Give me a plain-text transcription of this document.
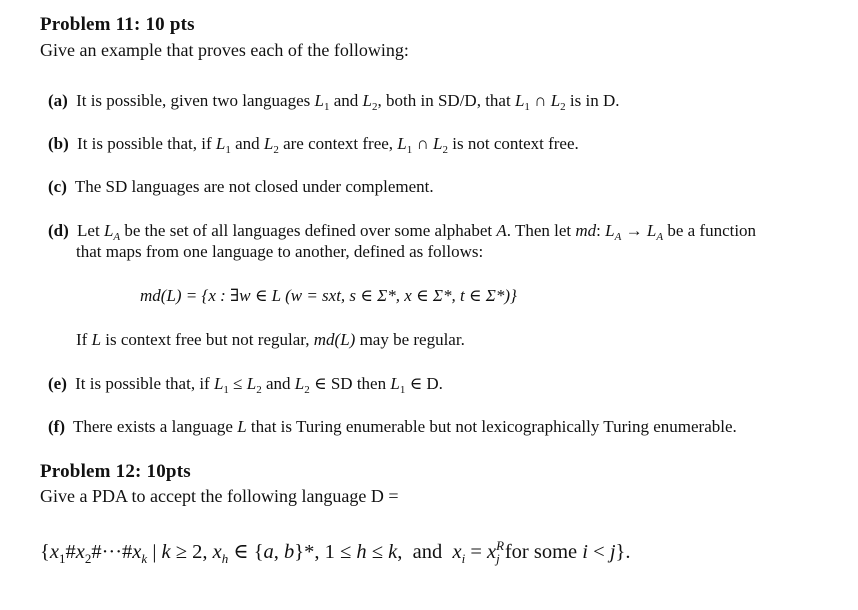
Problem 11: 10 pts
Give an example that proves each of the following:
(a) It is possible, given two languages $L_1$ and $L_2$, both in SD/D, that $L_1$ ∩ $L_2$ is in D.
(b) It is possible that, if $L_1$ and $L_2$ are context free, $L_1$ ∩ $L_2$ is not context free.
(c) The SD languages are not closed under complement.
(d) Let $L_A$ be the set of all languages defined over some alphabet A. Then let md: $L_A \to L_A$ be a function
that maps from one language to another, defined as follows:
md(L) = {x : ∃w ∈ L (w = sxt, s ∈ Σ*, x ∈ Σ*, t ∈ Σ*)}
If L is context free but not regular, md(L) may be regular.
(e) It is possible that, if $L_1 \le L_2$ and $L_2$ ∈ SD then $L_1$ ∈ D.
(f) There exists a language L that is Turing enumerable but not lexicographically Turing enumerable.
Problem 12: 10pts
Give a PDA to accept the following language D =
{$x_1\#x_2\#\cdot\cdot\cdot\#x_k$ | k ≥ 2, $x_h$ ∈ {a, b}*, 1 ≤ h ≤ k, and $x_i = x^R_j$ for some i < j}.
